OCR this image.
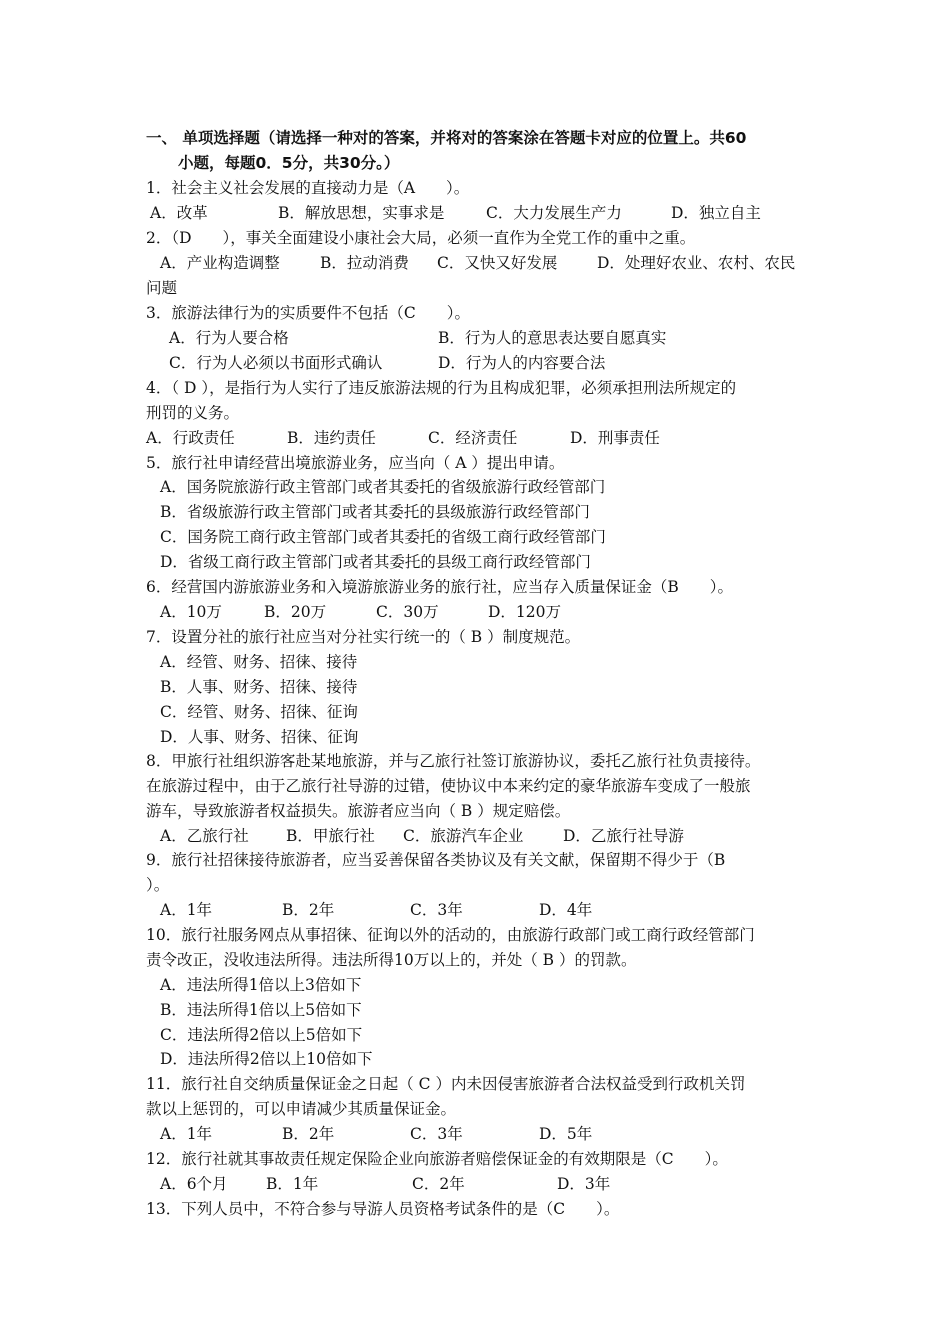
一、 单项选择题（请选择一种对的答案，并将对的答案涂在答题卡对应的位置上。共60
小题，每题0．5分，共30分。）
1．社会主义社会发展的直接动力是（A　　）。
A．改革	B．解放思想，实事求是	C．大力发展生产力	D．独立自主
2．（D　　），事关全面建设小康社会大局，必须一直作为全党工作的重中之重。
A．产业构造调整	B．拉动消费 C．又快又好发展	D．处理好农业、农村、农民
问题
3．旅游法律行为的实质要件不包括（C　　）。
A．行为人要合格	B．行为人的意思表达要自愿真实
C．行为人必须以书面形式确认	D．行为人的内容要合法
4．（ D ），是指行为人实行了违反旅游法规的行为且构成犯罪，必须承担刑法所规定的
刑罚的义务。
A．行政责任	B．违约责任	C．经济责任	D．刑事责任
5．旅行社申请经营出境旅游业务，应当向（ A ）提出申请。
A．国务院旅游行政主管部门或者其委托的省级旅游行政经管部门
B．省级旅游行政主管部门或者其委托的县级旅游行政经管部门
C．国务院工商行政主管部门或者其委托的省级工商行政经管部门
D．省级工商行政主管部门或者其委托的县级工商行政经管部门
6．经营国内游旅游业务和入境游旅游业务的旅行社，应当存入质量保证金（B　　）。
A．10万	B．20万	C．30万	D．120万
7．设置分社的旅行社应当对分社实行统一的（ B ）制度规范。
A．经管、财务、招徕、接待
B．人事、财务、招徕、接待
C．经管、财务、招徕、征询
D．人事、财务、招徕、征询
8．甲旅行社组织游客赴某地旅游，并与乙旅行社签订旅游协议，委托乙旅行社负责接待。
在旅游过程中，由于乙旅行社导游的过错，使协议中本来约定的豪华旅游车变成了一般旅
游车，导致旅游者权益损失。旅游者应当向（ B ）规定赔偿。
A．乙旅行社 B．甲旅行社 C．旅游汽车企业	D．乙旅行社导游
9．旅行社招徕接待旅游者，应当妥善保留各类协议及有关文献，保留期不得少于（B
）。
A．1年	B．2年	C．3年	D．4年
10．旅行社服务网点从事招徕、征询以外的活动的，由旅游行政部门或工商行政经管部门
责令改正，没收违法所得。违法所得10万以上的，并处（ B ）的罚款。
A．违法所得1倍以上3倍如下
B．违法所得1倍以上5倍如下
C．违法所得2倍以上5倍如下
D．违法所得2倍以上10倍如下
11．旅行社自交纳质量保证金之日起（ C ）内未因侵害旅游者合法权益受到行政机关罚
款以上惩罚的，可以申请减少其质量保证金。
A．1年	B．2年	C．3年	D．5年
12．旅行社就其事故责任规定保险企业向旅游者赔偿保证金的有效期限是（C　　）。
A．6个月 B．1年	C．2年	D．3年
13．下列人员中，不符合参与导游人员资格考试条件的是（C　　）。
